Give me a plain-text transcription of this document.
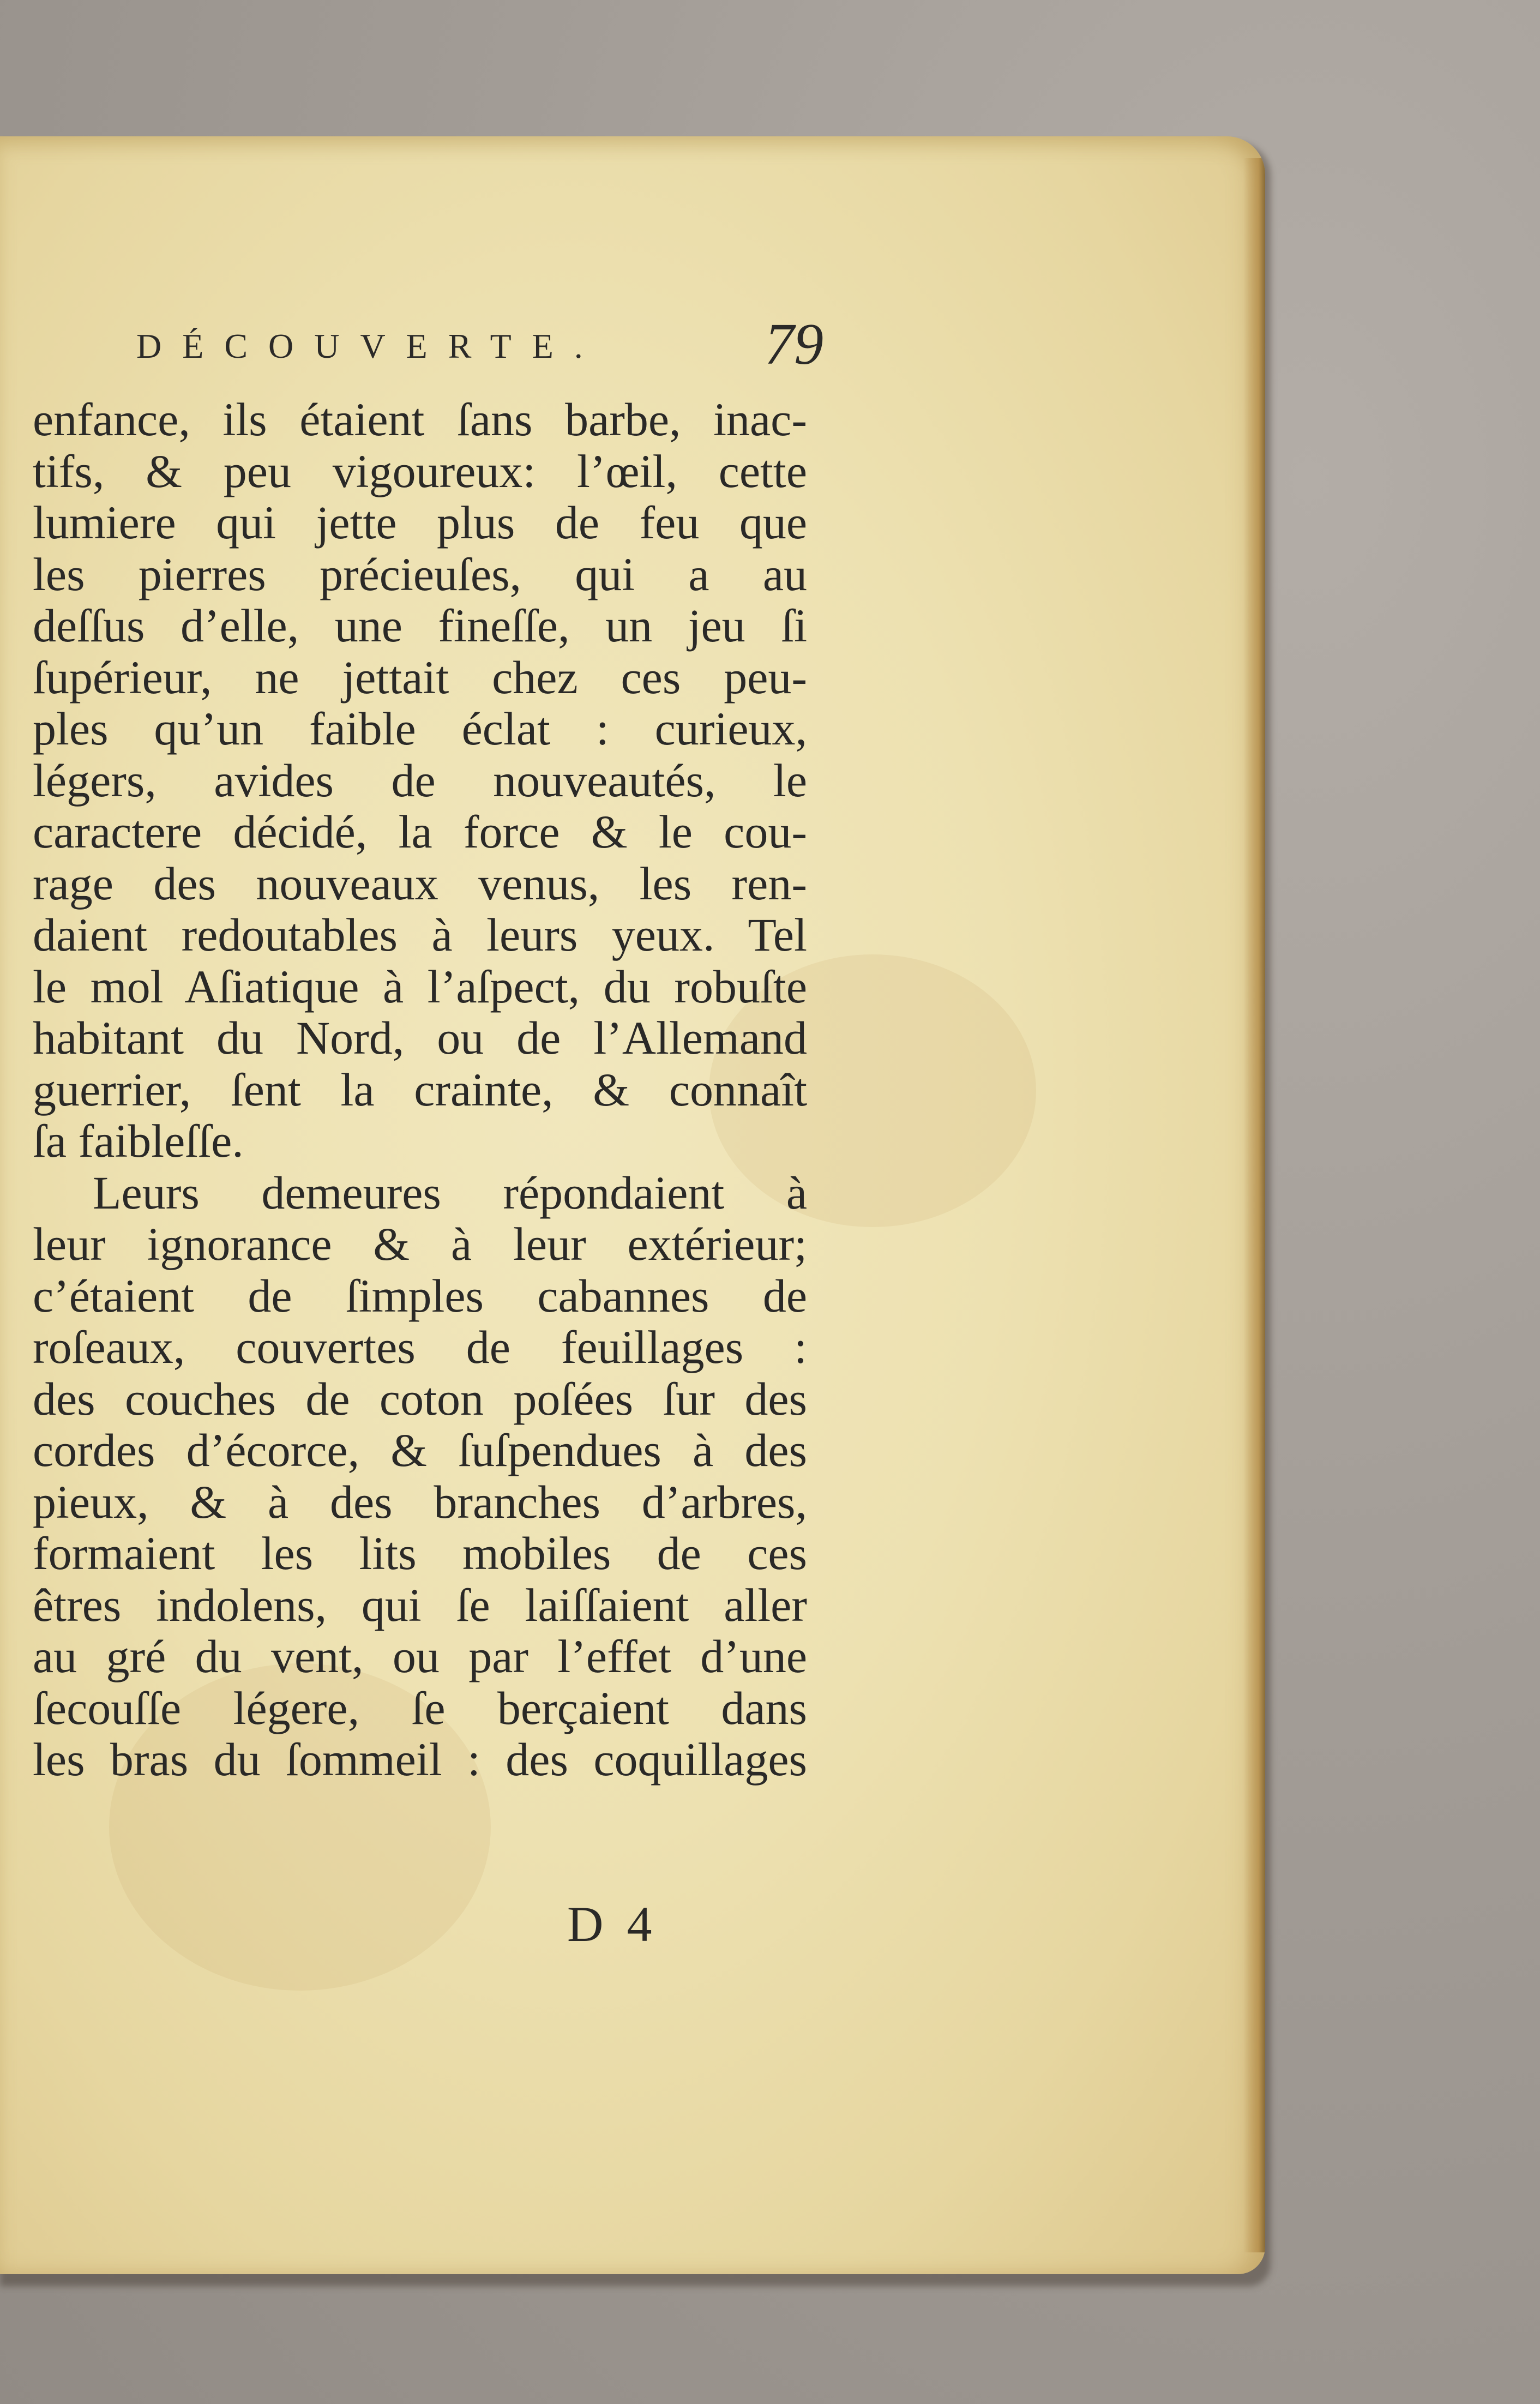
DÉCOUVERTE.	79
enfance, ils étaient ſans barbe, inac-
tifs, & peu vigoureux: l’œil, cette
lumiere qui jette plus de feu que
les pierres précieuſes, qui a au
deſſus d’elle, une fineſſe, un jeu ſi
ſupérieur, ne jettait chez ces peu-
ples qu’un faible éclat : curieux,
légers, avides de nouveautés, le
caractere décidé, la force & le cou-
rage des nouveaux venus, les ren-
daient redoutables à leurs yeux. Tel
le mol Aſiatique à l’aſpect, du robuſte
habitant du Nord, ou de l’Allemand
guerrier, ſent la crainte, & connaît
ſa faibleſſe.
Leurs demeures répondaient à
leur ignorance & à leur extérieur;
c’étaient de ſimples cabannes de
roſeaux, couvertes de feuillages :
des couches de coton poſées ſur des
cordes d’écorce, & ſuſpendues à des
pieux, & à des branches d’arbres,
formaient les lits mobiles de ces
êtres indolens, qui ſe laiſſaient aller
au gré du vent, ou par l’effet d’une
ſecouſſe légere, ſe berçaient dans
les bras du ſommeil : des coquillages
D 4
